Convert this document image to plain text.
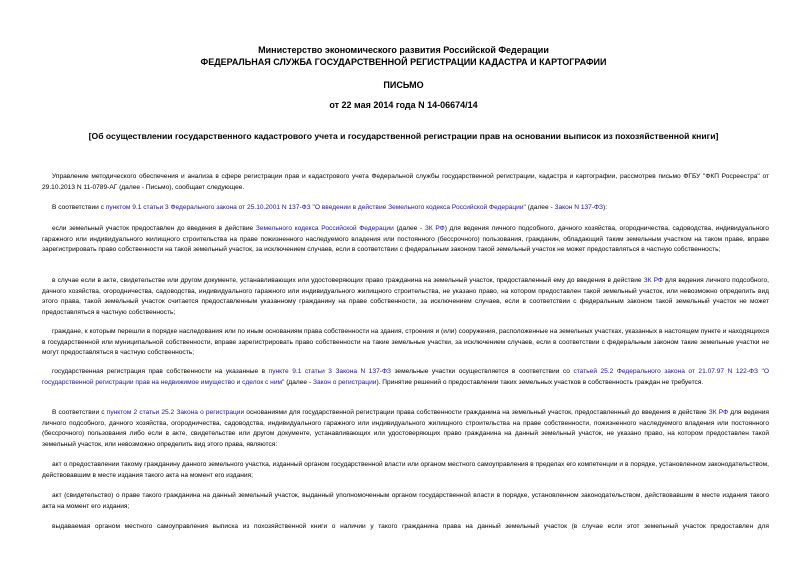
Министерство экономического развития Российской Федерации
ФЕДЕРАЛЬНАЯ СЛУЖБА ГОСУДАРСТВЕННОЙ РЕГИСТРАЦИИ КАДАСТРА И КАРТОГРАФИИ
ПИСЬМО
от 22 мая 2014 года N 14-06674/14
[Об осуществлении государственного кадастрового учета и государственной регистрации прав на основании выписок из похозяйственной книги]

Управление методического обеспечения и анализа в сфере регистрации прав и кадастрового учета Федеральной службы государственной регистрации, кадастра и картографии, рассмотрев письмо ФГБУ "ФКП Росреестра" от 29.10.2013 N 11-0789-АГ (далее - Письмо), сообщает следующее.

В соответствии с пунктом 9.1 статьи 3 Федерального закона от 25.10.2001 N 137-ФЗ "О введении в действие Земельного кодекса Российской Федерации" (далее - Закон N 137-ФЗ):

если земельный участок предоставлен до введения в действие Земельного кодекса Российской Федерации (далее - ЗК РФ) для ведения личного подсобного, дачного хозяйства, огородничества, садоводства, индивидуального гаражного или индивидуального жилищного строительства на праве пожизненного наследуемого владения или постоянного (бессрочного) пользования, гражданин, обладающий таким земельным участком на таком праве, вправе зарегистрировать право собственности на такой земельный участок, за исключением случаев, если в соответствии с федеральным законом такой земельный участок не может предоставляться в частную собственность;

в случае если в акте, свидетельстве или другом документе, устанавливающих или удостоверяющих право гражданина на земельный участок, предоставленный ему до введения в действие ЗК РФ для ведения личного подсобного, дачного хозяйства, огородничества, садоводства, индивидуального гаражного или индивидуального жилищного строительства, не указано право, на котором предоставлен такой земельный участок, или невозможно определить вид этого права, такой земельный участок считается предоставленным указанному гражданину на праве собственности, за исключением случаев, если в соответствии с федеральным законом такой земельный участок не может предоставляться в частную собственность;

граждане, к которым перешли в порядке наследования или по иным основаниям права собственности на здания, строения и (или) сооружения, расположенные на земельных участках, указанных в настоящем пункте и находящихся в государственной или муниципальной собственности, вправе зарегистрировать право собственности на такие земельные участки, за исключением случаев, если в соответствии с федеральным законом такие земельные участки не могут предоставляться в частную собственность;

государственная регистрация прав собственности на указанные в пункте 9.1 статьи 3 Закона N 137-ФЗ земельные участки осуществляется в соответствии со статьей 25.2 Федерального закона от 21.07.97 N 122-ФЗ "О государственной регистрации прав на недвижимое имущество и сделок с ним" (далее - Закон о регистрации). Принятие решений о предоставлении таких земельных участков в собственность граждан не требуется.

В соответствии с пунктом 2 статьи 25.2 Закона о регистрации основаниями для государственной регистрации права собственности гражданина на земельный участок, предоставленный до введения в действие ЗК РФ для ведения личного подсобного, дачного хозяйства, огородничества, садоводства, индивидуального гаражного или индивидуального жилищного строительства на праве собственности, пожизненного наследуемого владения или постоянного (бессрочного) пользования либо если в акте, свидетельстве или другом документе, устанавливающих или удостоверяющих право гражданина на данный земельный участок, не указано право, на котором предоставлен такой земельный участок, или невозможно определить вид этого права, являются:

акт о предоставлении такому гражданину данного земельного участка, изданный органом государственной власти или органом местного самоуправления в пределах его компетенции и в порядке, установленном законодательством, действовавшим в месте издания такого акта на момент его издания;

акт (свидетельство) о праве такого гражданина на данный земельный участок, выданный уполномоченным органом государственной власти в порядке, установленном законодательством, действовавшим в месте издания такого акта на момент его издания;

выдаваемая органом местного самоуправления выписка из похозяйственной книги о наличии у такого гражданина права на данный земельный участок (в случае если этот земельный участок предоставлен для
